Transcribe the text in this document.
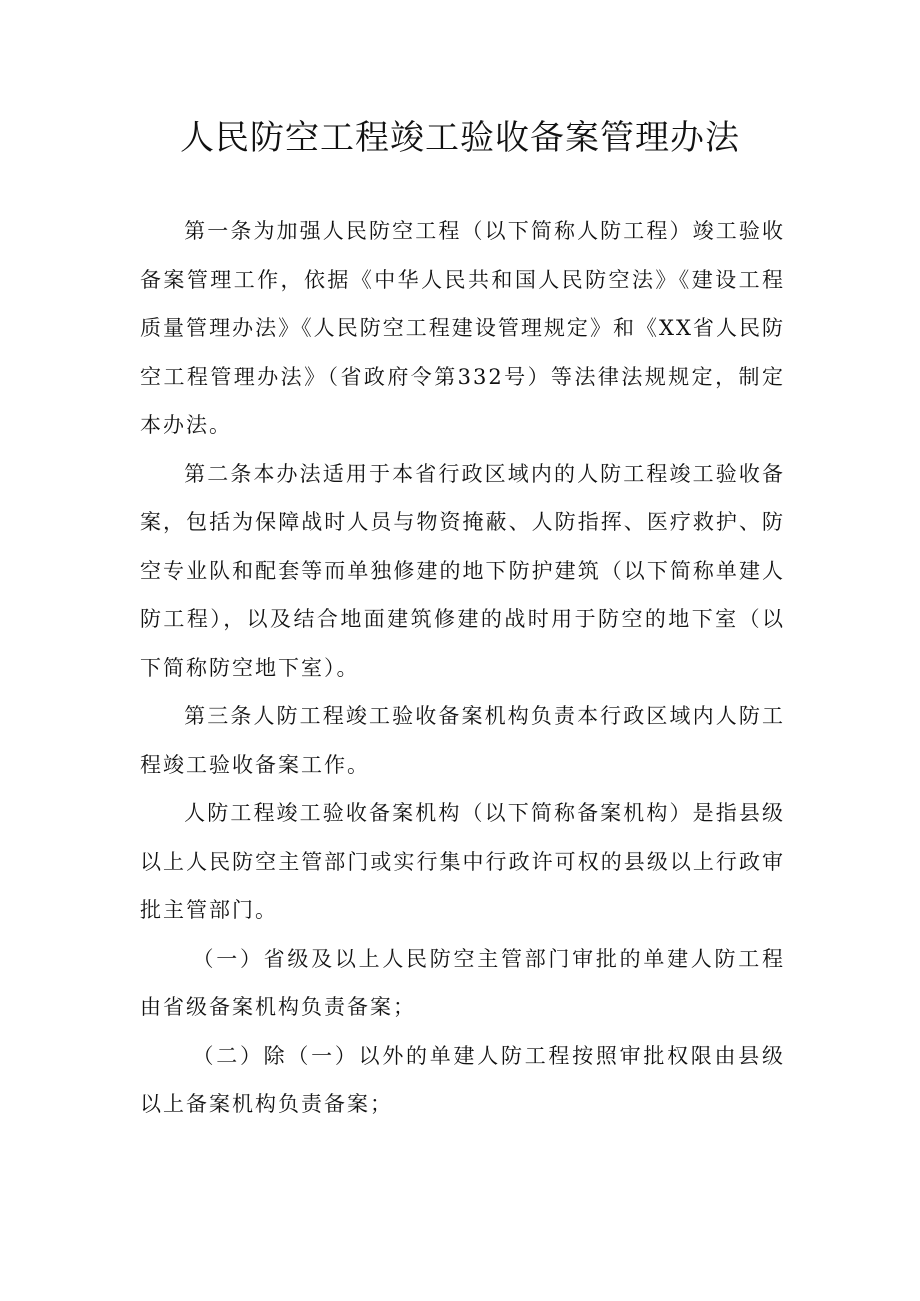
人民防空工程竣工验收备案管理办法

第一条为加强人民防空工程（以下简称人防工程）竣工验收备案管理工作，依据《中华人民共和国人民防空法》《建设工程质量管理办法》《人民防空工程建设管理规定》和《XX省人民防空工程管理办法》（省政府令第332号）等法律法规规定，制定本办法。

第二条本办法适用于本省行政区域内的人防工程竣工验收备案，包括为保障战时人员与物资掩蔽、人防指挥、医疗救护、防空专业队和配套等而单独修建的地下防护建筑（以下简称单建人防工程），以及结合地面建筑修建的战时用于防空的地下室（以下简称防空地下室）。

第三条人防工程竣工验收备案机构负责本行政区域内人防工程竣工验收备案工作。

人防工程竣工验收备案机构（以下简称备案机构）是指县级以上人民防空主管部门或实行集中行政许可权的县级以上行政审批主管部门。

（一）省级及以上人民防空主管部门审批的单建人防工程由省级备案机构负责备案；

（二）除（一）以外的单建人防工程按照审批权限由县级以上备案机构负责备案；
